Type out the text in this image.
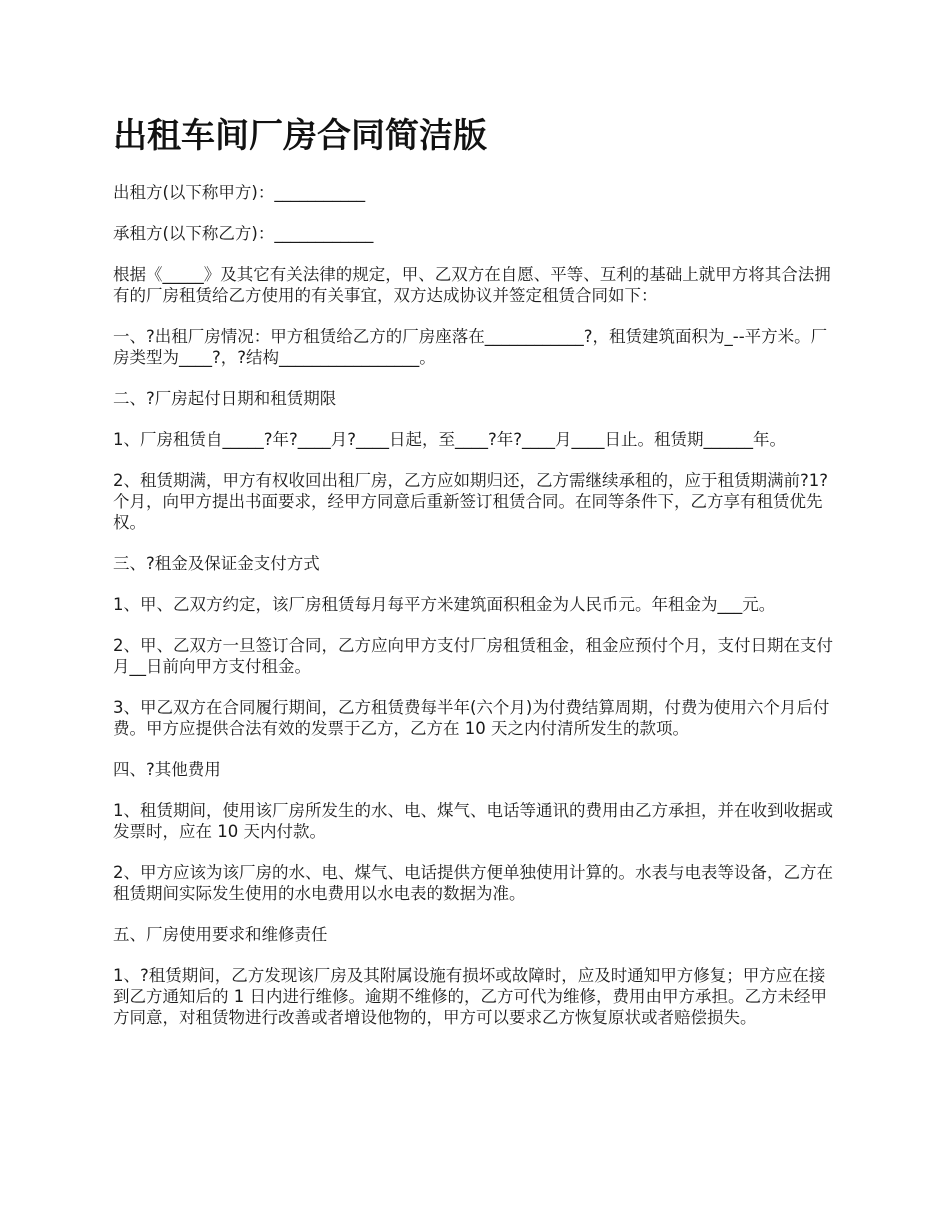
出租车间厂房合同简洁版

出租方(以下称甲方)：___________

承租方(以下称乙方)：____________

根据《_____》及其它有关法律的规定，甲、乙双方在自愿、平等、互利的基础上就甲方将其合法拥有的厂房租赁给乙方使用的有关事宜，双方达成协议并签定租赁合同如下：

一、?出租厂房情况：甲方租赁给乙方的厂房座落在____________?，租赁建筑面积为_--平方米。厂房类型为____?，?结构_________________。

二、?厂房起付日期和租赁期限

1、厂房租赁自_____?年?____月?____日起，至____?年?____月____日止。租赁期______年。

2、租赁期满，甲方有权收回出租厂房，乙方应如期归还，乙方需继续承租的，应于租赁期满前?1?个月，向甲方提出书面要求，经甲方同意后重新签订租赁合同。在同等条件下，乙方享有租赁优先权。

三、?租金及保证金支付方式

1、甲、乙双方约定，该厂房租赁每月每平方米建筑面积租金为人民币元。年租金为___元。

2、甲、乙双方一旦签订合同，乙方应向甲方支付厂房租赁租金，租金应预付个月，支付日期在支付月__日前向甲方支付租金。

3、甲乙双方在合同履行期间，乙方租赁费每半年(六个月)为付费结算周期，付费为使用六个月后付费。甲方应提供合法有效的发票于乙方，乙方在 10 天之内付清所发生的款项。

四、?其他费用

1、租赁期间，使用该厂房所发生的水、电、煤气、电话等通讯的费用由乙方承担，并在收到收据或发票时，应在 10 天内付款。

2、甲方应该为该厂房的水、电、煤气、电话提供方便单独使用计算的。水表与电表等设备，乙方在租赁期间实际发生使用的水电费用以水电表的数据为准。

五、厂房使用要求和维修责任

1、?租赁期间，乙方发现该厂房及其附属设施有损坏或故障时，应及时通知甲方修复；甲方应在接到乙方通知后的 1 日内进行维修。逾期不维修的，乙方可代为维修，费用由甲方承担。乙方未经甲方同意，对租赁物进行改善或者增设他物的，甲方可以要求乙方恢复原状或者赔偿损失。
